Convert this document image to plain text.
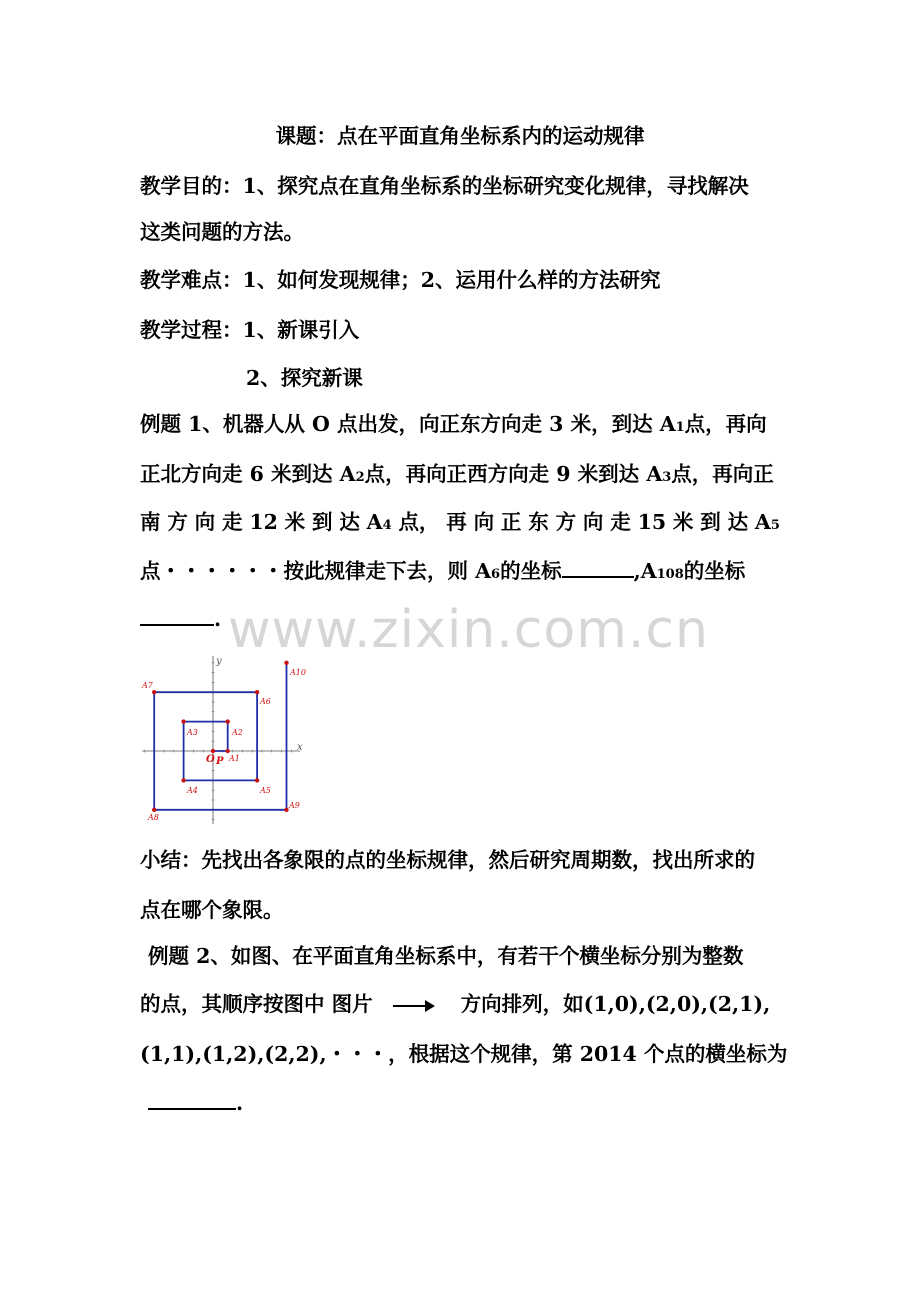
课题：点在平面直角坐标系内的运动规律
教学目的：1、探究点在直角坐标系的坐标研究变化规律，寻找解决
这类问题的方法。
教学难点：1、如何发现规律；2、运用什么样的方法研究
教学过程：1、新课引入
2、探究新课
例题 1、机器人从 O 点出发，向正东方向走 3 米，到达 A1点，再向
正北方向走 6 米到达 A2点，再向正西方向走 9 米到达 A3点，再向正
南 方 向 走 12 米 到 达 A4 点， 再 向 正 东 方 向 走 15 米 到 达 A5
点・・・・・・按此规律走下去，则 A6的坐标	,A108的坐标
. www.zixin.com.cn
x
y
A7
A6
A10
A3	A2
A1
O P
A4	A5
A9
A8
小结：先找出各象限的点的坐标规律，然后研究周期数，找出所求的
点在哪个象限。
例题 2、如图、在平面直角坐标系中，有若干个横坐标分别为整数
的点，其顺序按图中 图片	方向排列，如(1,0),(2,0),(2,1),
(1,1),(1,2),(2,2),・・・，根据这个规律，第 2014 个点的横坐标为
.
